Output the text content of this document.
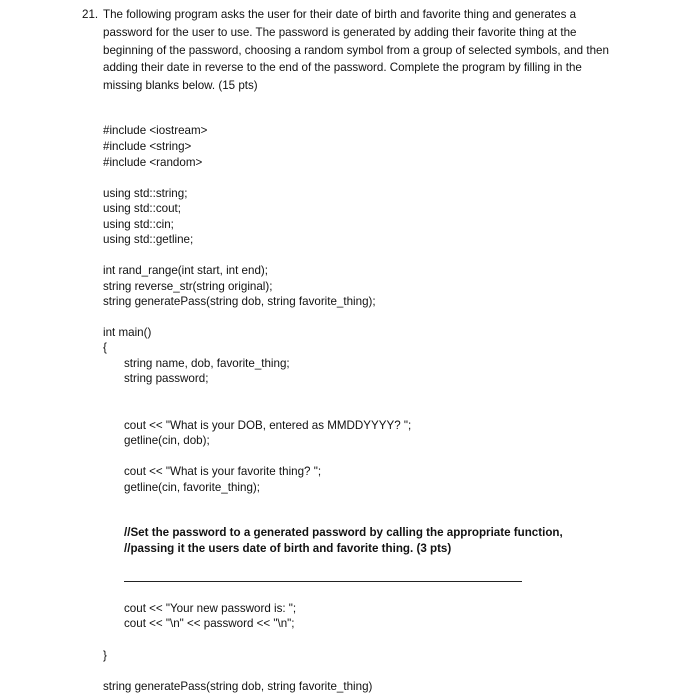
21. The following program asks the user for their date of birth and favorite thing and generates a password for the user to use. The password is generated by adding their favorite thing at the beginning of the password, choosing a random symbol from a group of selected symbols, and then adding their date in reverse to the end of the password. Complete the program by filling in the missing blanks below. (15 pts)
#include <iostream>
#include <string>
#include <random>
using std::string;
using std::cout;
using std::cin;
using std::getline;
int rand_range(int start, int end);
string reverse_str(string original);
string generatePass(string dob, string favorite_thing);
int main()
{
string name, dob, favorite_thing;
string password;
cout << "What is your DOB, entered as MMDDYYYY? ";
getline(cin, dob);
cout << "What is your favorite thing? ";
getline(cin, favorite_thing);
//Set the password to a generated password by calling the appropriate function,
//passing it the users date of birth and favorite thing. (3 pts)
cout << "Your new password is: ";
cout << "\n" << password << "\n";
}
string generatePass(string dob, string favorite_thing)
